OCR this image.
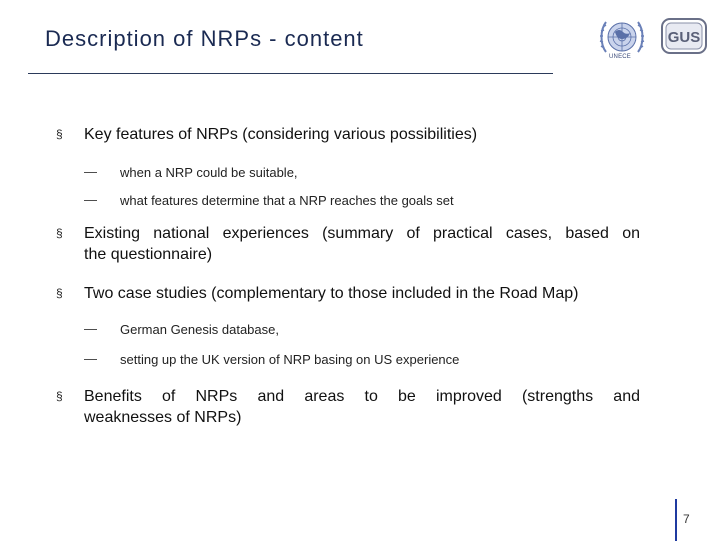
Description of NRPs - content
UNECE
GUS
§ Key features of NRPs (considering various possibilities)
— when a NRP could be suitable,
— what features determine that a NRP reaches the goals set
§ Existing national experiences (summary of practical cases, based on
the questionnaire)
§ Two case studies (complementary to those included in the Road Map)
— German Genesis database,
— setting up the UK version of NRP basing on US experience
§ Benefits of NRPs and areas to be improved (strengths and
weaknesses of NRPs)
7
